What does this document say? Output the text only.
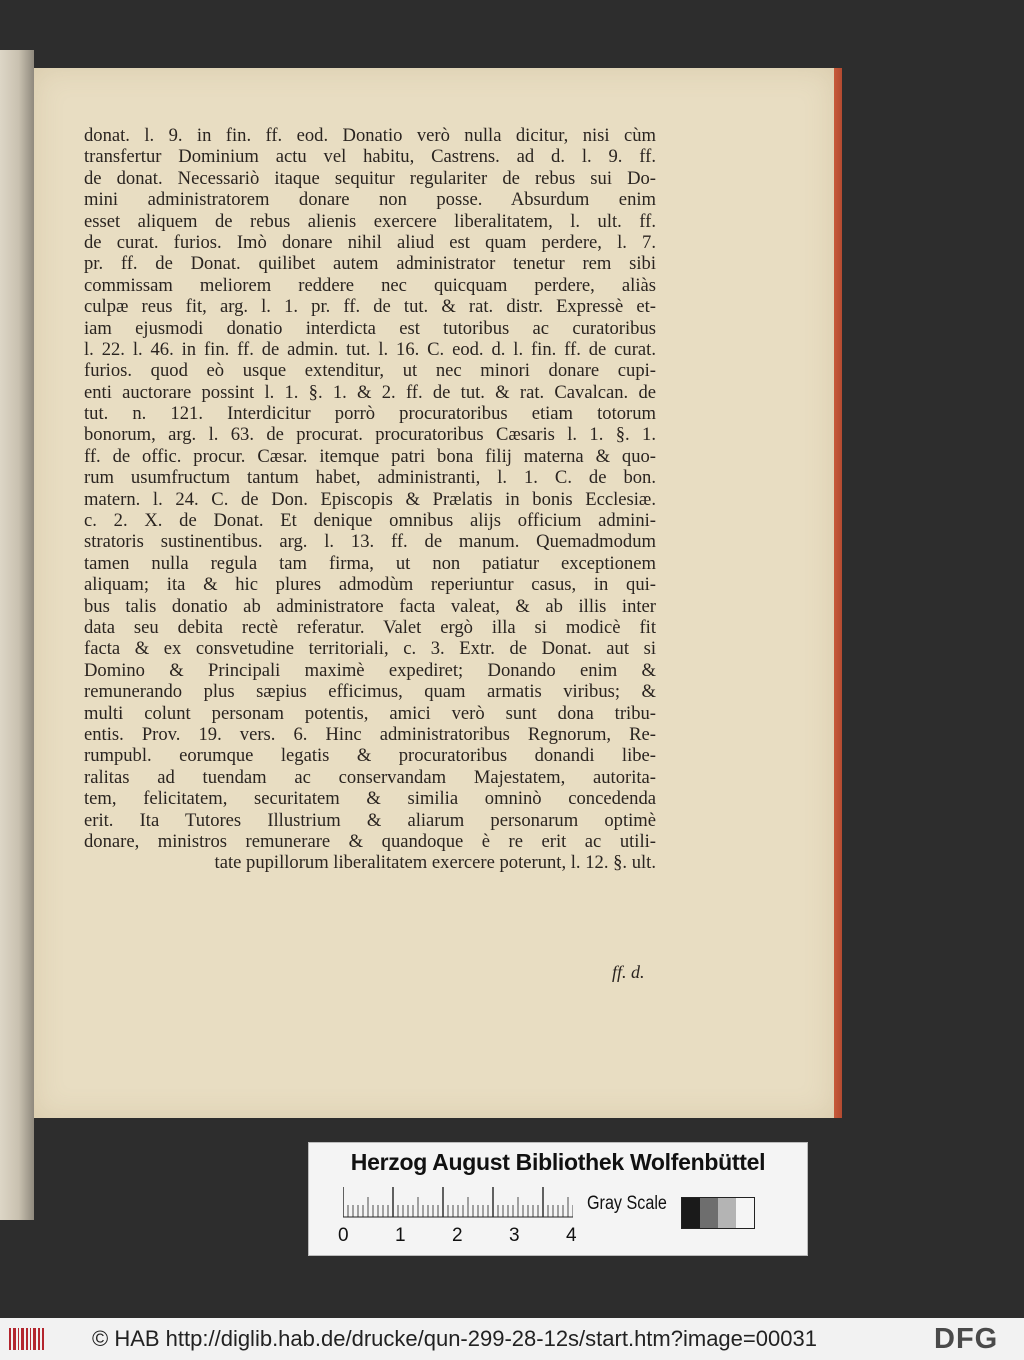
donat. l. 9. in fin. ff. eod. Donatio verò nulla dicitur, nisi cùm
transfertur Dominium actu vel habitu, Castrens. ad d. l. 9. ff.
de donat. Necessariò itaque sequitur regulariter de rebus sui Do-
mini administratorem donare non posse. Absurdum enim
esset aliquem de rebus alienis exercere liberalitatem, l. ult. ff.
de curat. furios. Imò donare nihil aliud est quam perdere, l. 7.
pr. ff. de Donat. quilibet autem administrator tenetur rem sibi
commissam meliorem reddere nec quicquam perdere, aliàs
culpæ reus fit, arg. l. 1. pr. ff. de tut. & rat. distr. Expressè et-
iam ejusmodi donatio interdicta est tutoribus ac curatoribus
l. 22. l. 46. in fin. ff. de admin. tut. l. 16. C. eod. d. l. fin. ff. de curat.
furios. quod eò usque extenditur, ut nec minori donare cupi-
enti auctorare possint l. 1. §. 1. & 2. ff. de tut. & rat. Cavalcan. de
tut. n. 121. Interdicitur porrò procuratoribus etiam totorum
bonorum, arg. l. 63. de procurat. procuratoribus Cæsaris l. 1. §. 1.
ff. de offic. procur. Cæsar. itemque patri bona filij materna & quo-
rum usumfructum tantum habet, administranti, l. 1. C. de bon.
matern. l. 24. C. de Don. Episcopis & Prælatis in bonis Ecclesiæ.
c. 2. X. de Donat. Et denique omnibus alijs officium admini-
stratoris sustinentibus. arg. l. 13. ff. de manum. Quemadmodum
tamen nulla regula tam firma, ut non patiatur exceptionem
aliquam; ita & hic plures admodùm reperiuntur casus, in qui-
bus talis donatio ab administratore facta valeat, & ab illis inter
data seu debita rectè referatur. Valet ergò illa si modicè fit
facta & ex consvetudine territoriali, c. 3. Extr. de Donat. aut si
Domino & Principali maximè expediret; Donando enim &
remunerando plus sæpius efficimus, quam armatis viribus; &
multi colunt personam potentis, amici verò sunt dona tribu-
entis. Prov. 19. vers. 6. Hinc administratoribus Regnorum, Re-
rumpubl. eorumque legatis & procuratoribus donandi libe-
ralitas ad tuendam ac conservandam Majestatem, autorita-
tem, felicitatem, securitatem & similia omninò concedenda
erit. Ita Tutores Illustrium & aliarum personarum optimè
donare, ministros remunerare & quandoque è re erit ac utili-
tate pupillorum liberalitatem exercere poterunt, l. 12. §. ult.
ff. d.
Herzog August Bibliothek Wolfenbüttel
0 1 2 3 4
Gray Scale
© HAB http://diglib.hab.de/drucke/qun-299-28-12s/start.htm?image=00031	DFG
